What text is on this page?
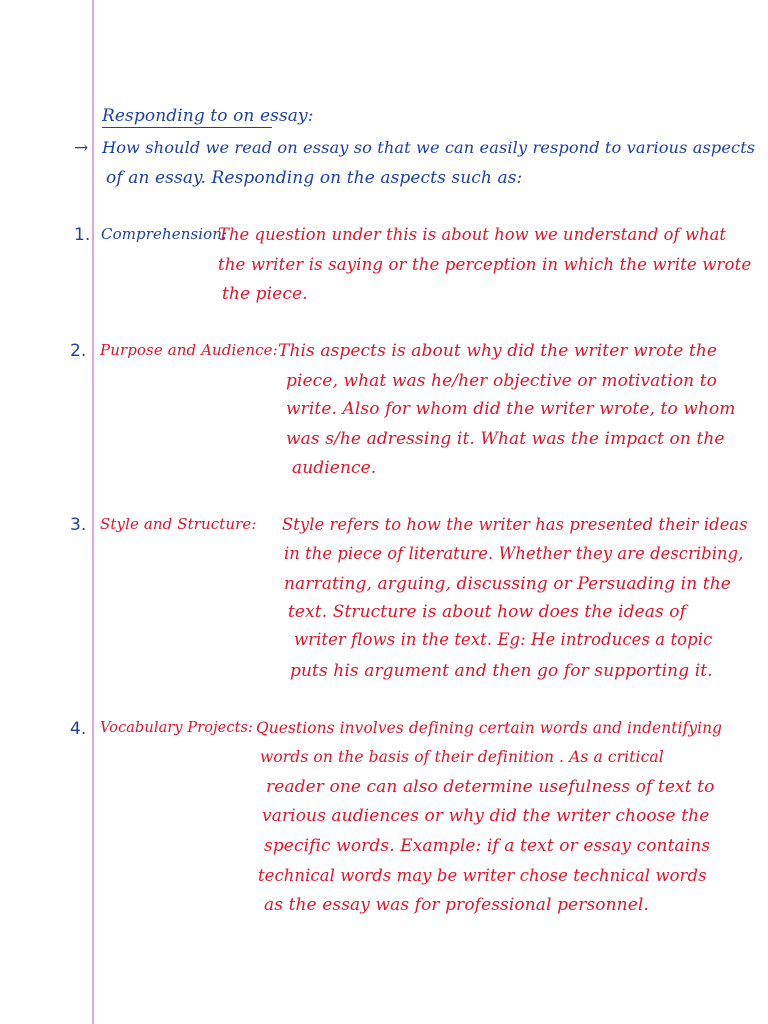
Responding to on essay:
→ How should we read on essay so that we can easily respond to various aspects
of an essay. Responding on the aspects such as:
1. Comprehension:
The question under this is about how we understand of what
the writer is saying or the perception in which the write wrote
the piece.
2. Purpose and Audience: This aspects is about why did the writer wrote the
piece, what was he/her objective or motivation to
write. Also for whom did the writer wrote, to whom
was s/he adressing it. What was the impact on the
audience.
3. Style and Structure: Style refers to how the writer has presented their ideas
in the piece of literature. Whether they are describing,
narrating, arguing, discussing or Persuading in the
text. Structure is about how does the ideas of
writer flows in the text. Eg: He introduces a topic
puts his argument and then go for supporting it.
4. Vocabulary Projects: Questions involves defining certain words and indentifying
words on the basis of their definition . As a critical
reader one can also determine usefulness of text to
various audiences or why did the writer choose the
specific words. Example: if a text or essay contains
technical words may be writer chose technical words
as the essay was for professional personnel.
